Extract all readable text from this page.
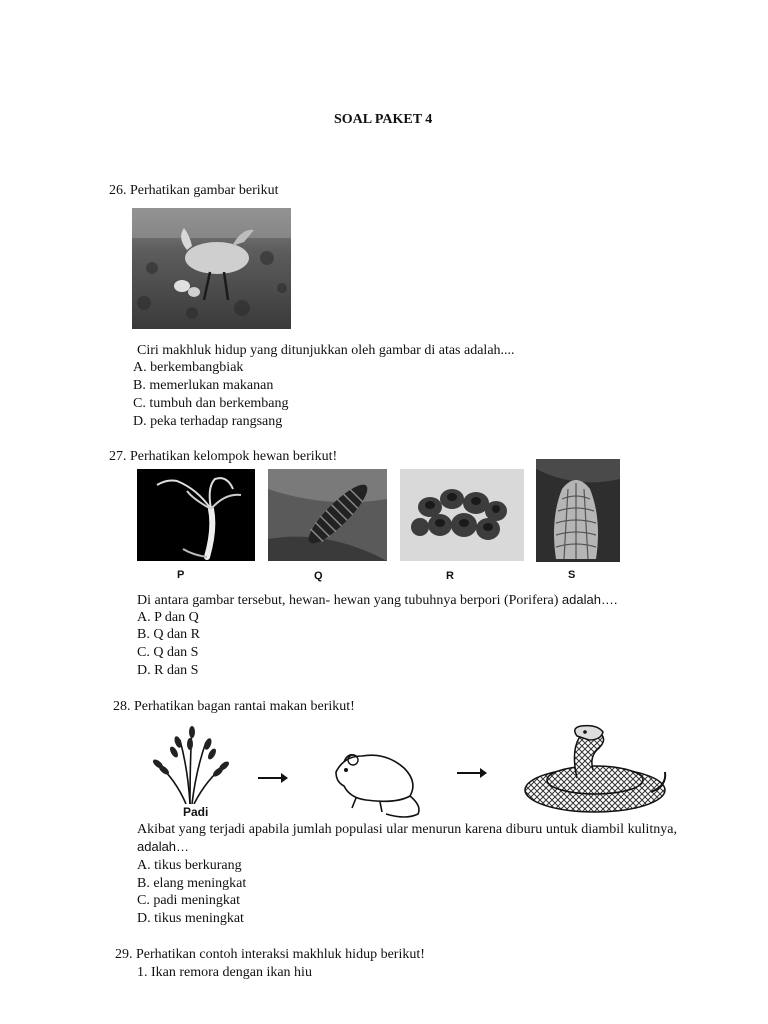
SOAL PAKET 4
26. Perhatikan gambar berikut
Ciri makhluk hidup yang ditunjukkan oleh gambar di atas adalah....
A. berkembangbiak
B. memerlukan makanan
C. tumbuh dan berkembang
D. peka terhadap rangsang
27. Perhatikan kelompok hewan berikut!
P	Q	R	S
Di antara gambar tersebut, hewan- hewan yang tubuhnya berpori (Porifera) adalah….
A. P dan Q
B. Q dan R
C. Q dan S
D. R dan S
28. Perhatikan bagan rantai makan berikut!
Padi
Akibat yang terjadi apabila jumlah populasi ular menurun karena diburu untuk diambil kulitnya, adalah…
A. tikus berkurang
B. elang meningkat
C. padi meningkat
D. tikus meningkat
29. Perhatikan contoh interaksi makhluk hidup berikut!
1. Ikan remora dengan ikan hiu
